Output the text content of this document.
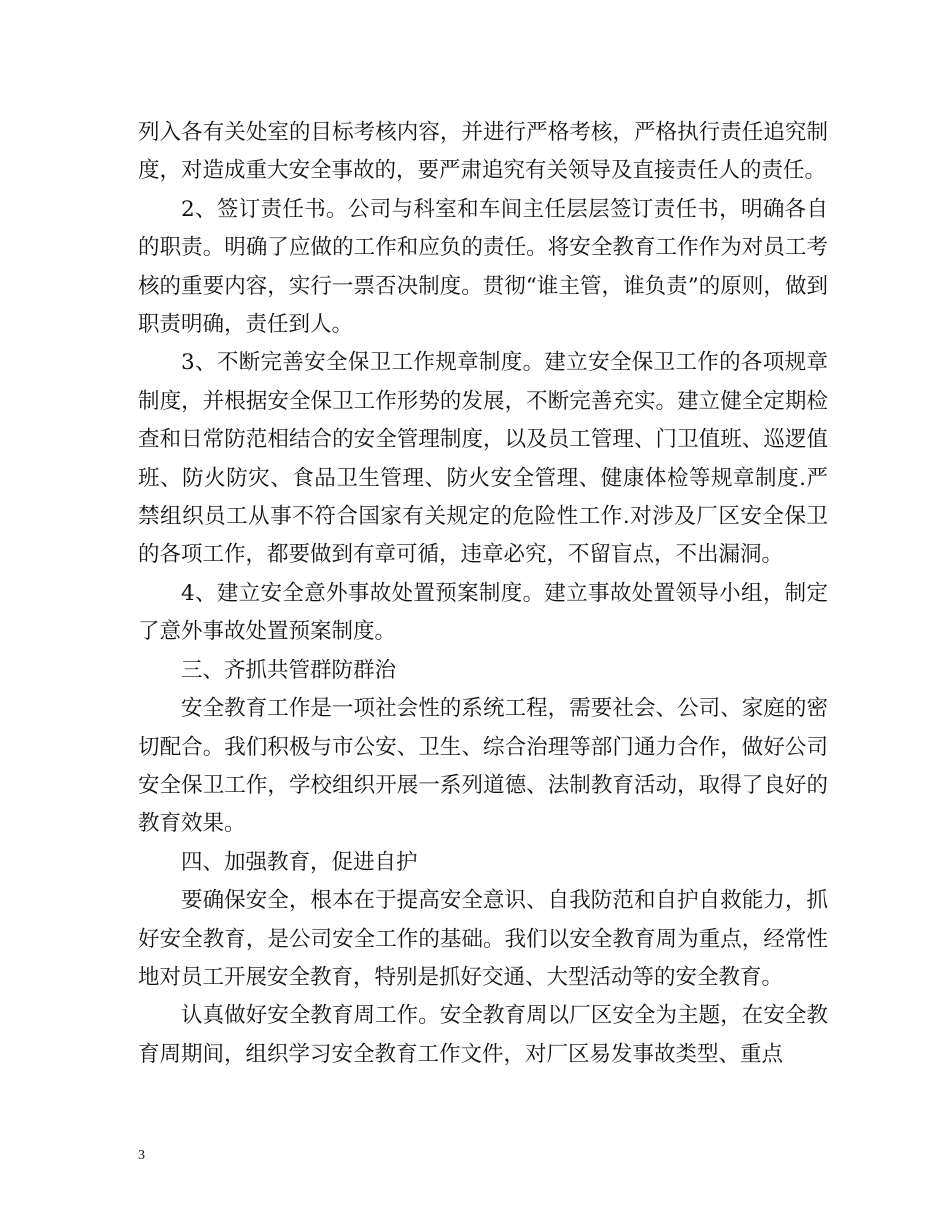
列入各有关处室的目标考核内容，并进行严格考核，严格执行责任追究制度，对造成重大安全事故的，要严肃追究有关领导及直接责任人的责任。

2、签订责任书。公司与科室和车间主任层层签订责任书，明确各自的职责。明确了应做的工作和应负的责任。将安全教育工作作为对员工考核的重要内容，实行一票否决制度。贯彻“谁主管，谁负责”的原则，做到职责明确，责任到人。

3、不断完善安全保卫工作规章制度。建立安全保卫工作的各项规章制度，并根据安全保卫工作形势的发展，不断完善充实。建立健全定期检查和日常防范相结合的安全管理制度，以及员工管理、门卫值班、巡逻值班、防火防灾、食品卫生管理、防火安全管理、健康体检等规章制度.严禁组织员工从事不符合国家有关规定的危险性工作.对涉及厂区安全保卫的各项工作，都要做到有章可循，违章必究，不留盲点，不出漏洞。

4、建立安全意外事故处置预案制度。建立事故处置领导小组，制定了意外事故处置预案制度。

三、齐抓共管群防群治

安全教育工作是一项社会性的系统工程，需要社会、公司、家庭的密切配合。我们积极与市公安、卫生、综合治理等部门通力合作，做好公司安全保卫工作，学校组织开展一系列道德、法制教育活动，取得了良好的教育效果。

四、加强教育，促进自护

要确保安全，根本在于提高安全意识、自我防范和自护自救能力，抓好安全教育，是公司安全工作的基础。我们以安全教育周为重点，经常性地对员工开展安全教育，特别是抓好交通、大型活动等的安全教育。

认真做好安全教育周工作。安全教育周以厂区安全为主题，在安全教育周期间，组织学习安全教育工作文件，对厂区易发事故类型、重点

3
